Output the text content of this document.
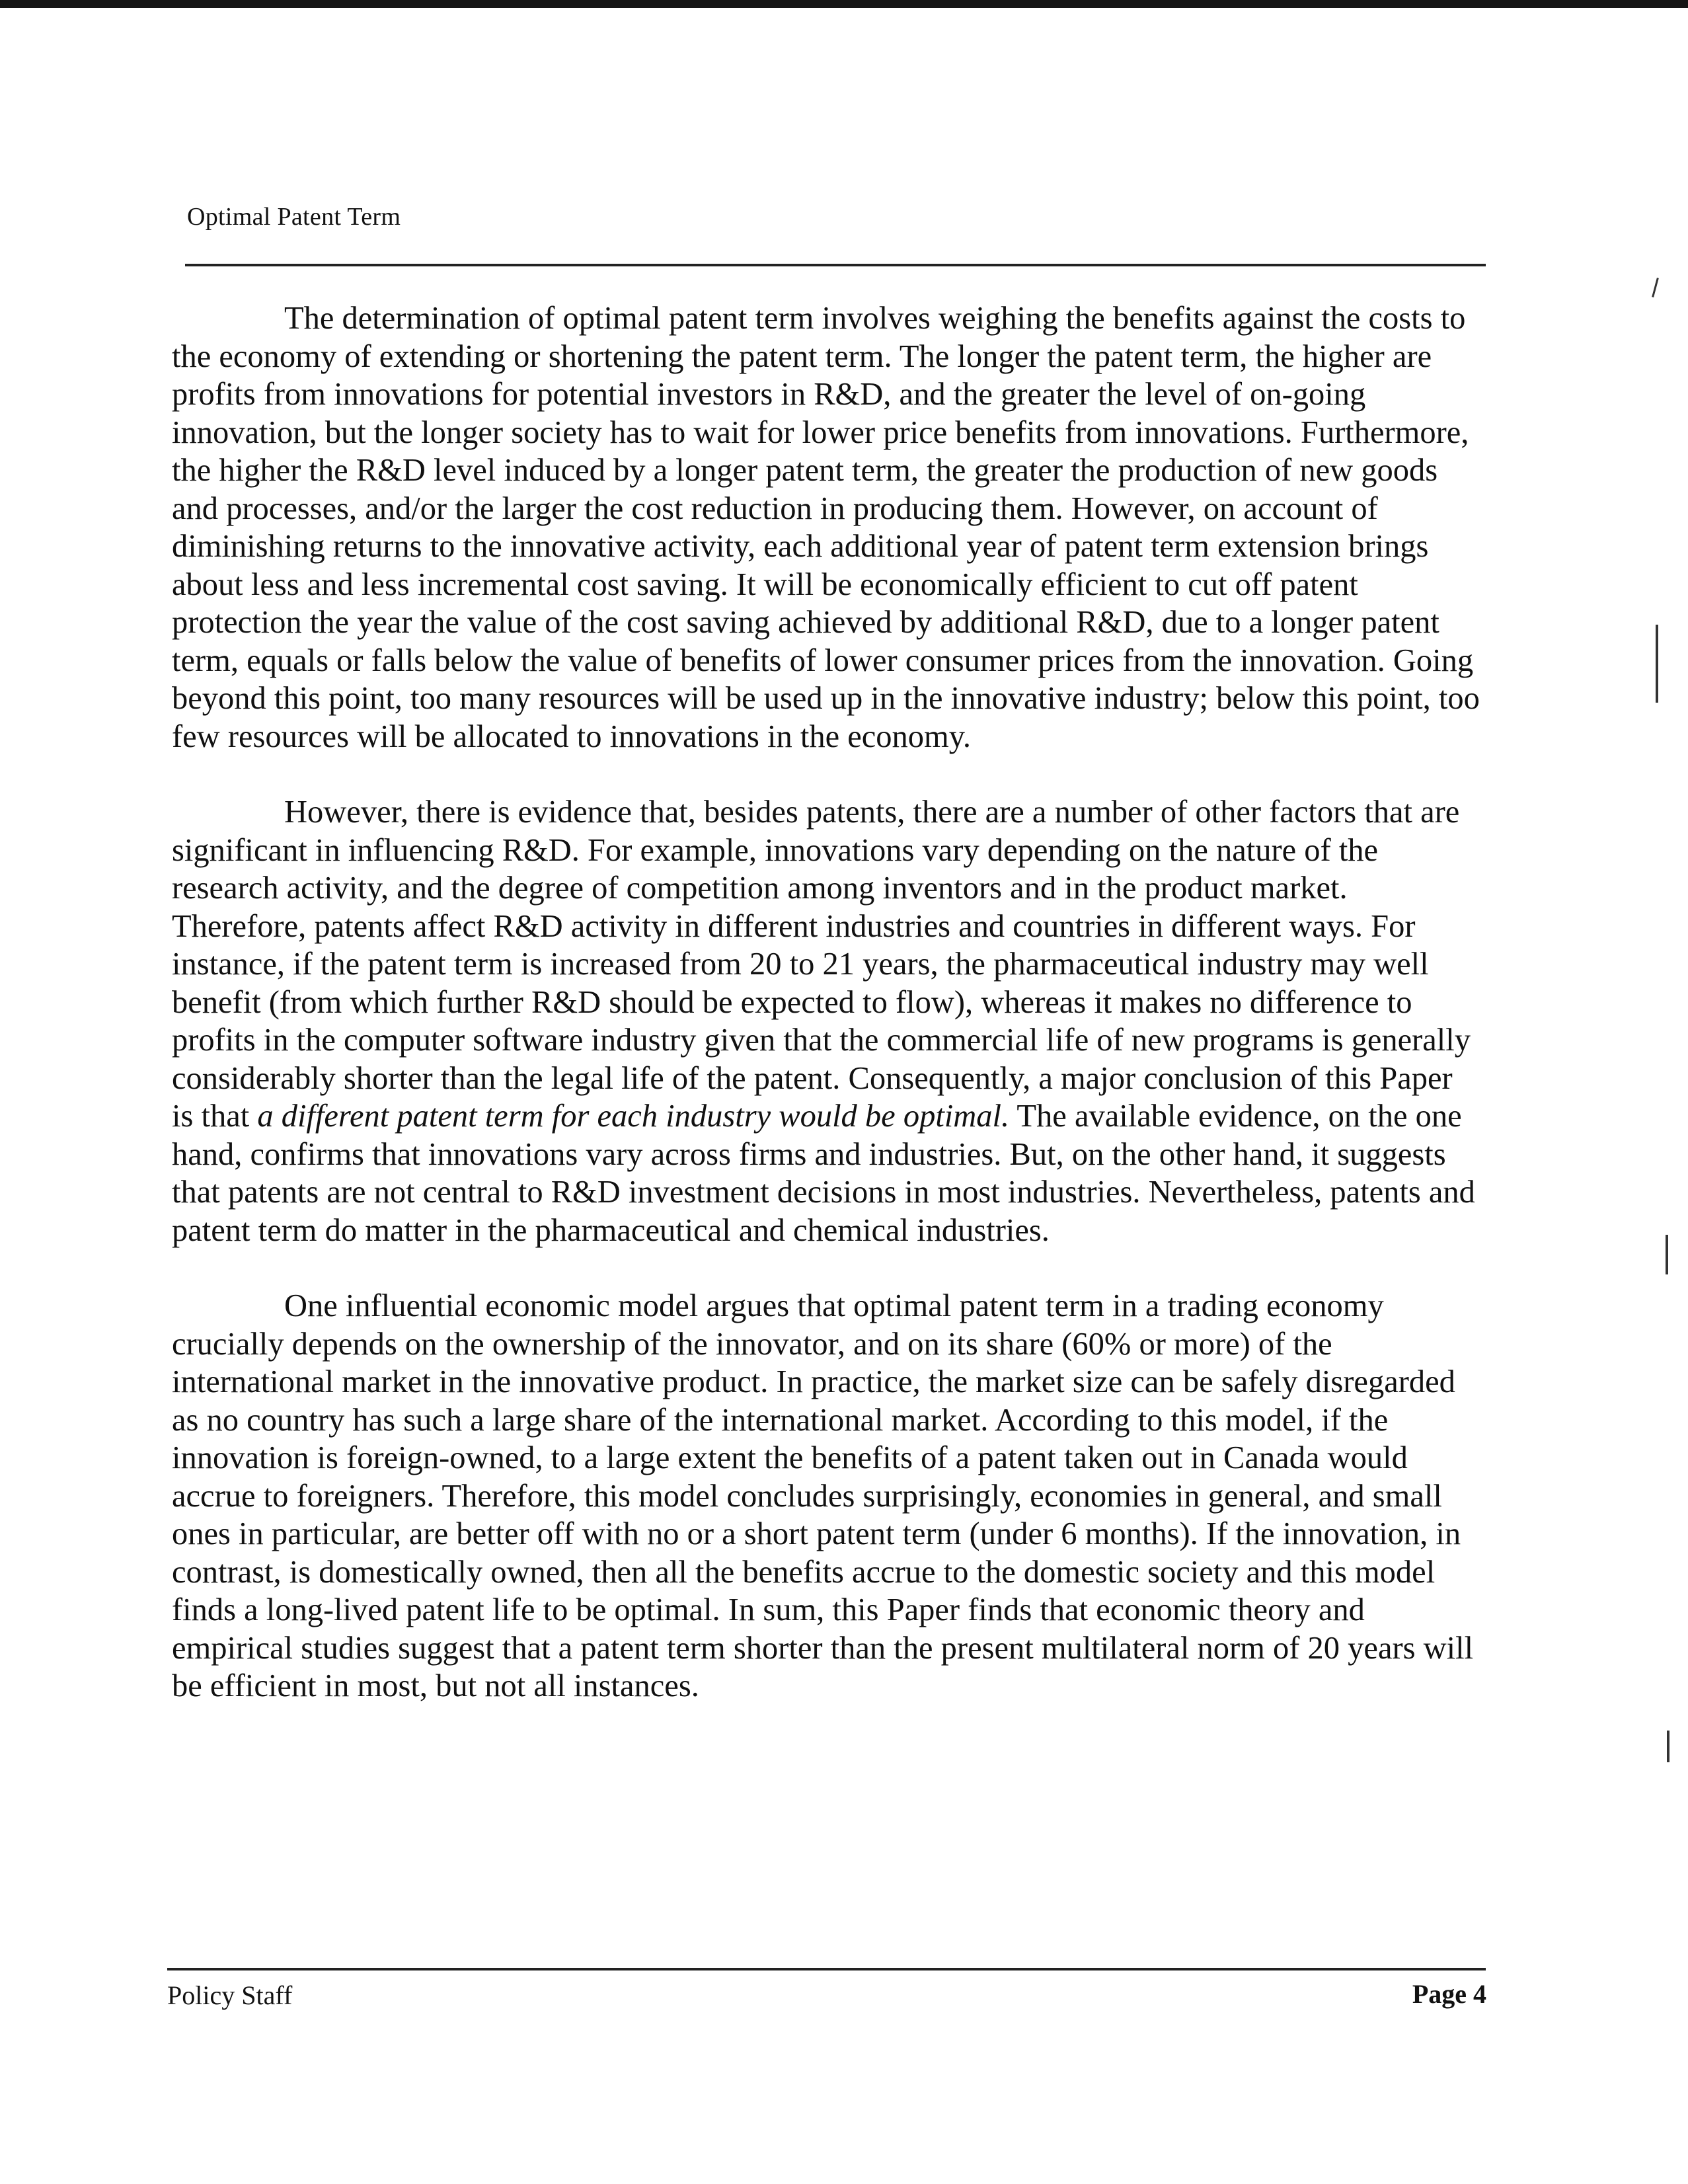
Optimal Patent Term

The determination of optimal patent term involves weighing the benefits against the costs to the economy of extending or shortening the patent term. The longer the patent term, the higher are profits from innovations for potential investors in R&D, and the greater the level of on-going innovation, but the longer society has to wait for lower price benefits from innovations. Furthermore, the higher the R&D level induced by a longer patent term, the greater the production of new goods and processes, and/or the larger the cost reduction in producing them. However, on account of diminishing returns to the innovative activity, each additional year of patent term extension brings about less and less incremental cost saving. It will be economically efficient to cut off patent protection the year the value of the cost saving achieved by additional R&D, due to a longer patent term, equals or falls below the value of benefits of lower consumer prices from the innovation. Going beyond this point, too many resources will be used up in the innovative industry; below this point, too few resources will be allocated to innovations in the economy.

However, there is evidence that, besides patents, there are a number of other factors that are significant in influencing R&D. For example, innovations vary depending on the nature of the research activity, and the degree of competition among inventors and in the product market. Therefore, patents affect R&D activity in different industries and countries in different ways. For instance, if the patent term is increased from 20 to 21 years, the pharmaceutical industry may well benefit (from which further R&D should be expected to flow), whereas it makes no difference to profits in the computer software industry given that the commercial life of new programs is generally considerably shorter than the legal life of the patent. Consequently, a major conclusion of this Paper is that a different patent term for each industry would be optimal. The available evidence, on the one hand, confirms that innovations vary across firms and industries. But, on the other hand, it suggests that patents are not central to R&D investment decisions in most industries. Nevertheless, patents and patent term do matter in the pharmaceutical and chemical industries.

One influential economic model argues that optimal patent term in a trading economy crucially depends on the ownership of the innovator, and on its share (60% or more) of the international market in the innovative product. In practice, the market size can be safely disregarded as no country has such a large share of the international market. According to this model, if the innovation is foreign-owned, to a large extent the benefits of a patent taken out in Canada would accrue to foreigners. Therefore, this model concludes surprisingly, economies in general, and small ones in particular, are better off with no or a short patent term (under 6 months). If the innovation, in contrast, is domestically owned, then all the benefits accrue to the domestic society and this model finds a long-lived patent life to be optimal. In sum, this Paper finds that economic theory and empirical studies suggest that a patent term shorter than the present multilateral norm of 20 years will be efficient in most, but not all instances.

Policy Staff	Page 4
